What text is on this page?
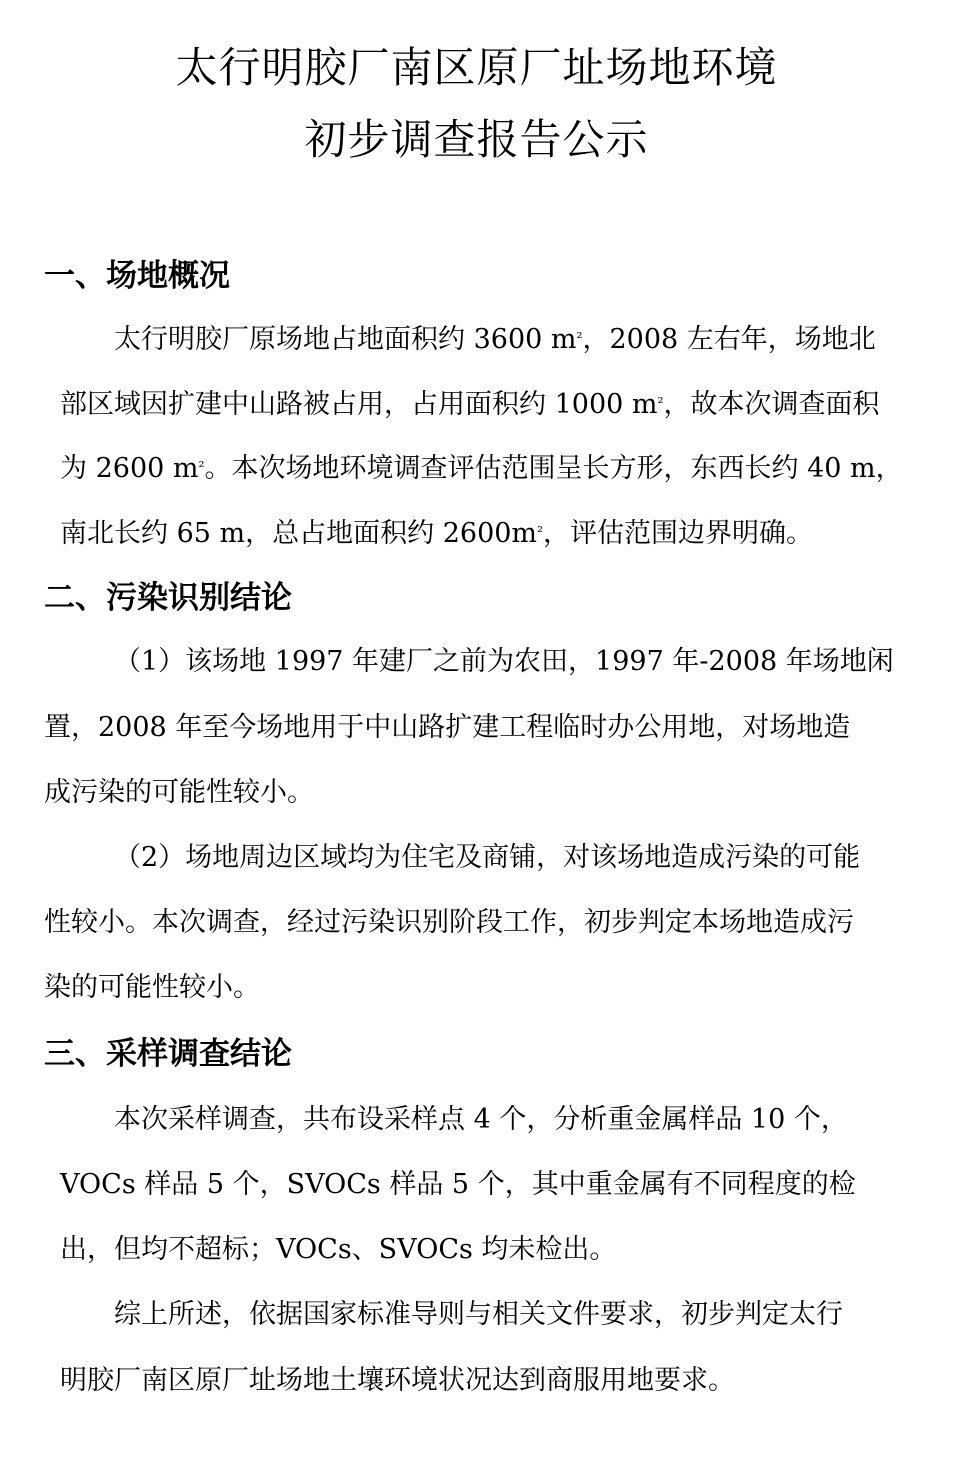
太行明胶厂南区原厂址场地环境
初步调查报告公示
一、场地概况
太行明胶厂原场地占地面积约 3600 $m^{^2}$，2008 左右年，场地北
部区域因扩建中山路被占用，占用面积约 1000 $m^{^2}$，故本次调查面积
为 2600 $m^{^2}$。本次场地环境调查评估范围呈长方形，东西长约 40 m，
南北长约 65 m，总占地面积约 $2600m^{^2}$，评估范围边界明确。
二、污染识别结论
（1）该场地 1997 年建厂之前为农田，1997 年-2008 年场地闲
置，2008 年至今场地用于中山路扩建工程临时办公用地，对场地造
成污染的可能性较小。
（2）场地周边区域均为住宅及商铺，对该场地造成污染的可能
性较小。本次调查，经过污染识别阶段工作，初步判定本场地造成污
染的可能性较小。
三、采样调查结论
本次采样调查，共布设采样点 4 个，分析重金属样品 10 个，
VOCs 样品 5 个，SVOCs 样品 5 个，其中重金属有不同程度的检
出，但均不超标；VOCs、SVOCs 均未检出。
综上所述，依据国家标准导则与相关文件要求，初步判定太行
明胶厂南区原厂址场地土壤环境状况达到商服用地要求。
